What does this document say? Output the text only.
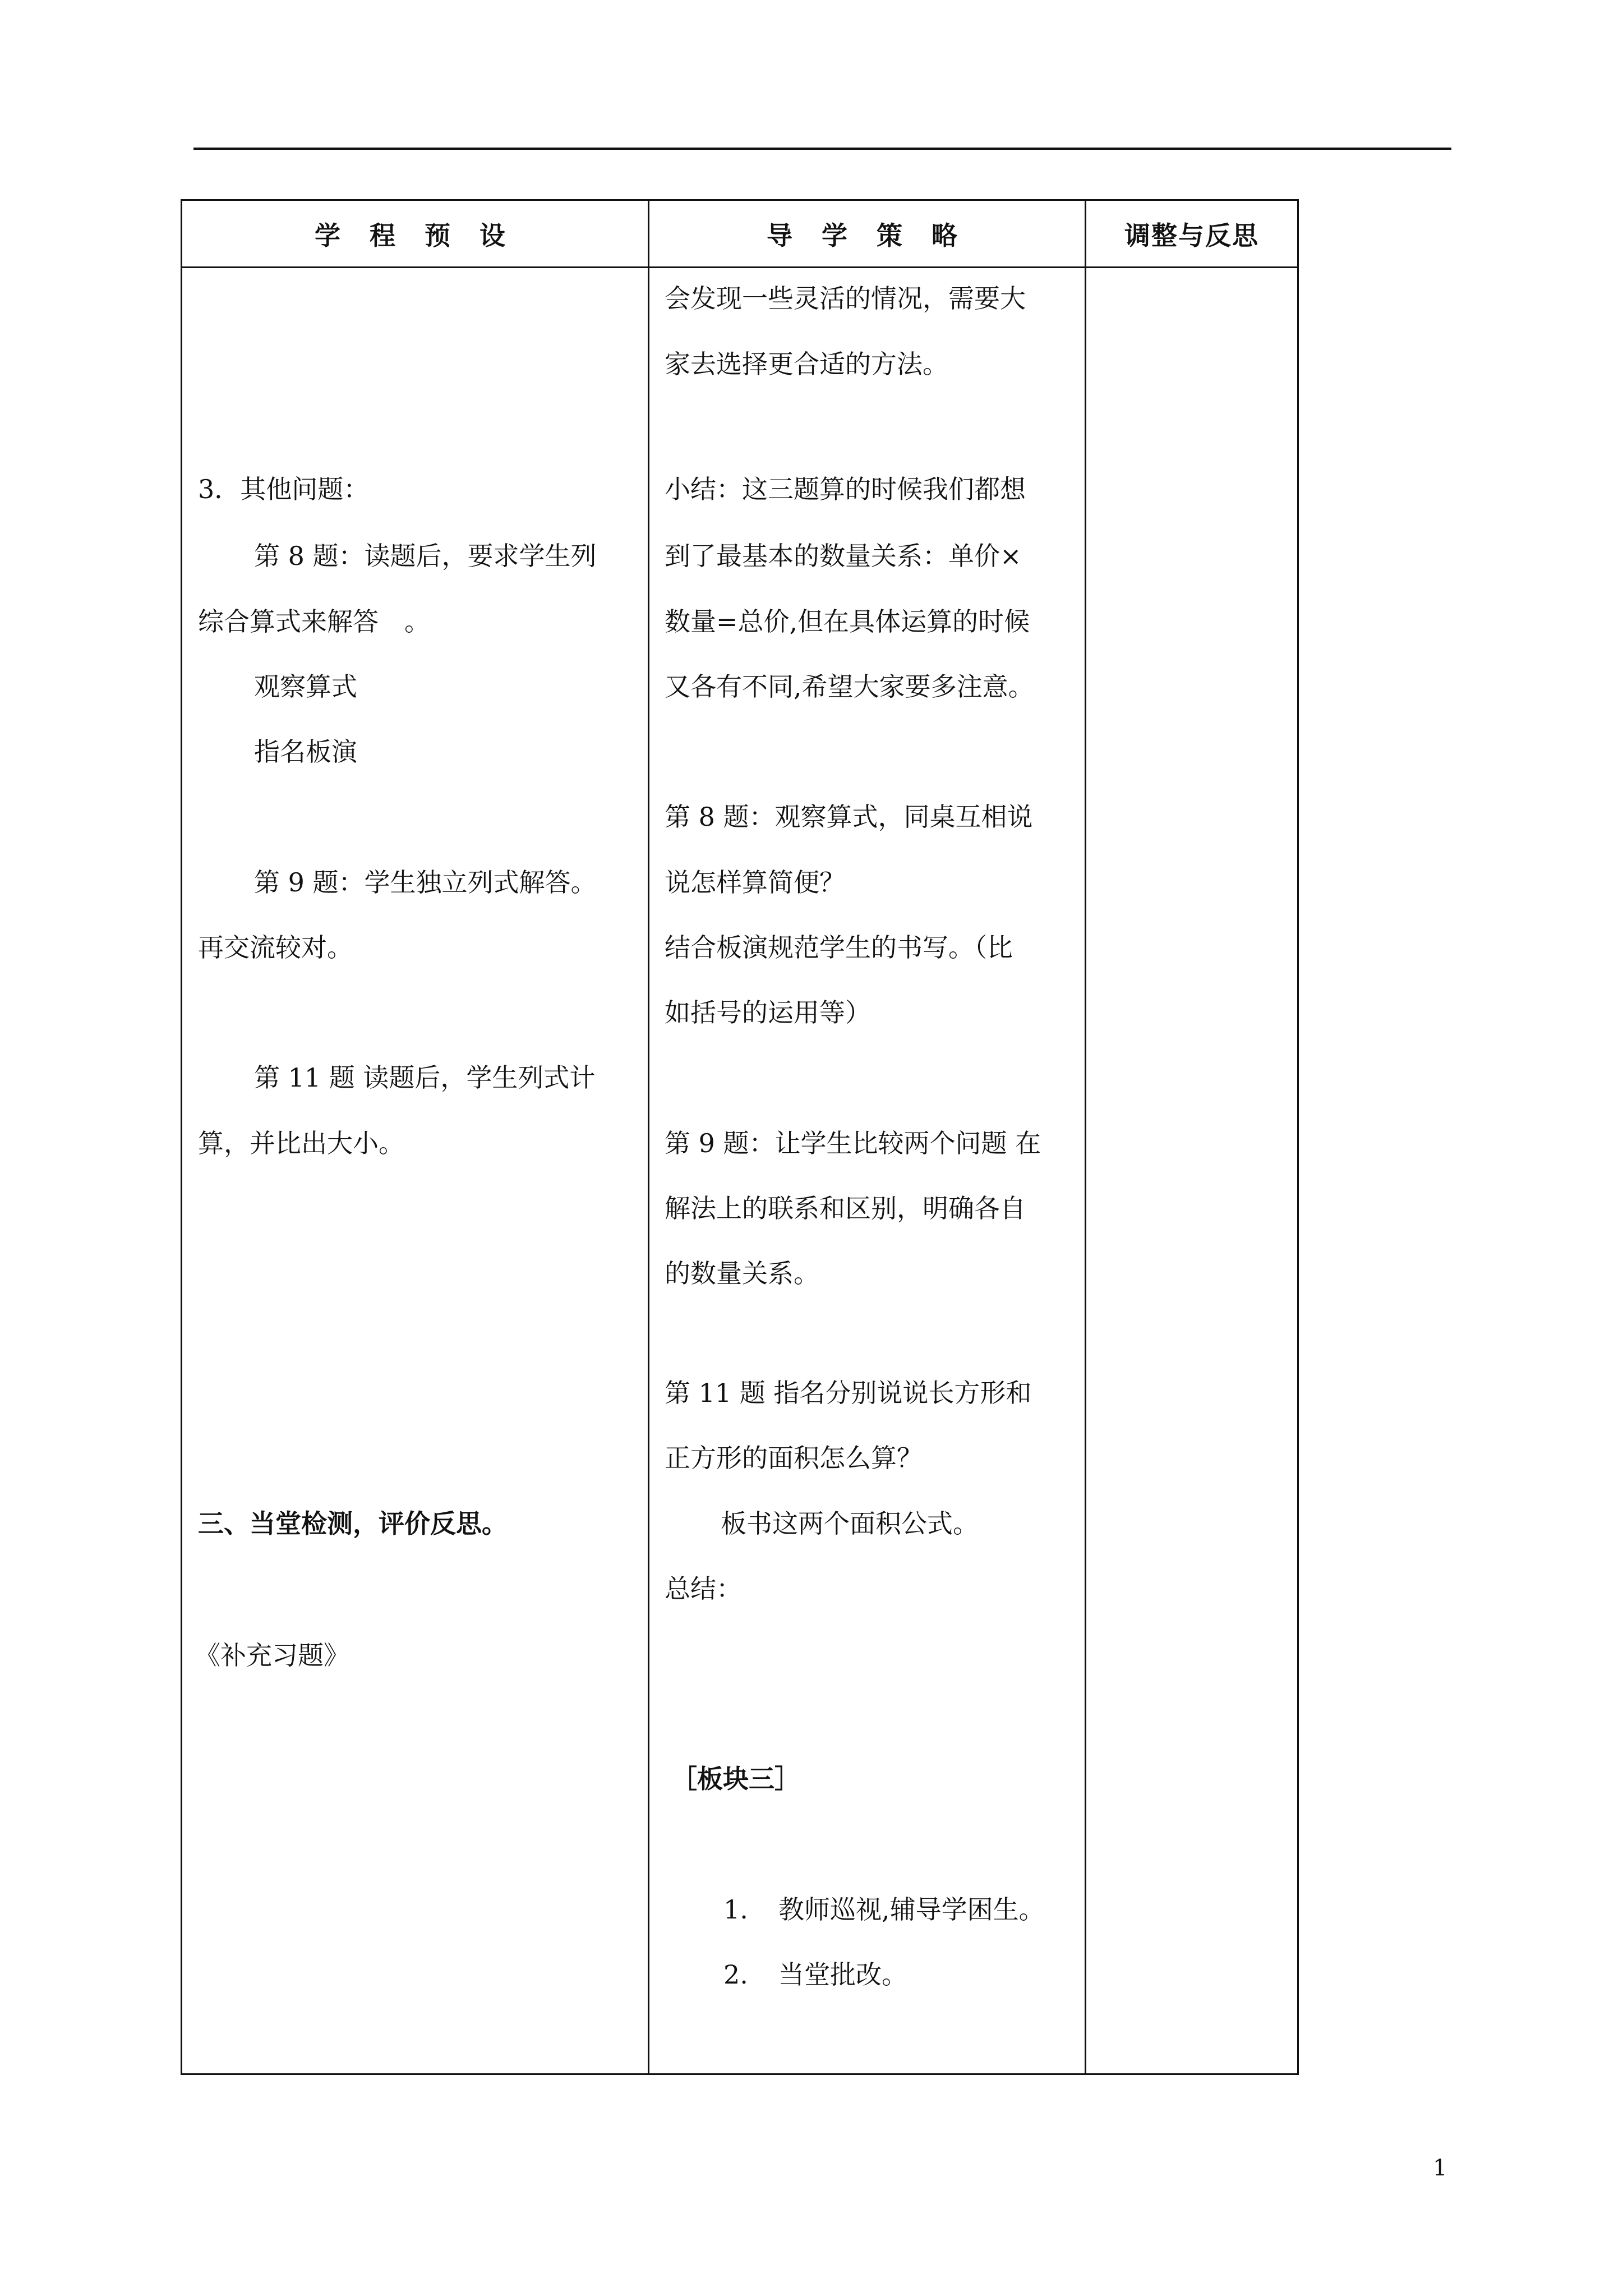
学 程 预 设	导 学 策 略	调整与反思
3．其他问题：
第 8 题：读题后，要求学生列
综合算式来解答　。
观察算式
指名板演
第 9 题：学生独立列式解答。
再交流较对。
第 11 题 读题后，学生列式计
算，并比出大小。
三、当堂检测，评价反思。
《补充习题》
会发现一些灵活的情况，需要大
家去选择更合适的方法。
小结：这三题算的时候我们都想
到了最基本的数量关系：单价×
数量=总价,但在具体运算的时候
又各有不同,希望大家要多注意。
第 8 题：观察算式，同桌互相说
说怎样算简便？
结合板演规范学生的书写。（比
如括号的运用等）
第 9 题：让学生比较两个问题 在
解法上的联系和区别，明确各自
的数量关系。
第 11 题 指名分别说说长方形和
正方形的面积怎么算？
板书这两个面积公式。
总结：
［板块三］
1. 教师巡视,辅导学困生。
2. 当堂批改。
1
